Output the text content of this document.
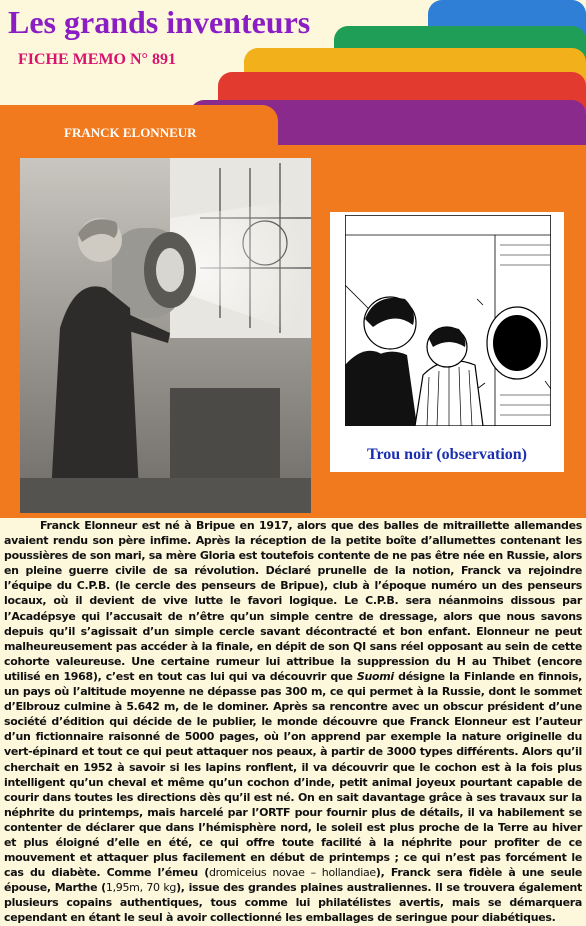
Les grands inventeurs
FICHE MEMO N° 891
FRANCK ELONNEUR
Trou noir (observation)

Franck Elonneur est né à Bripue en 1917, alors que des balles de mitraillette allemandes avaient rendu son père infime. Après la réception de la petite boîte d’allumettes contenant les poussières de son mari, sa mère Gloria est toutefois contente de ne pas être née en Russie, alors en pleine guerre civile de sa révolution. Déclaré prunelle de la notion, Franck va rejoindre l’équipe du C.P.B. (le cercle des penseurs de Bripue), club à l’époque numéro un des penseurs locaux, où il devient de vive lutte le favori logique. Le C.P.B. sera néanmoins dissous par l’Acadépsye qui l’accusait de n’être qu’un simple centre de dressage, alors que nous savons depuis qu’il s’agissait d’un simple cercle savant décontracté et bon enfant. Elonneur ne peut malheureusement pas accéder à la finale, en dépit de son QI sans réel opposant au sein de cette cohorte valeureuse. Une certaine rumeur lui attribue la suppression du H au Thibet (encore utilisé en 1968), c’est en tout cas lui qui va découvrir que Suomi désigne la Finlande en finnois, un pays où l’altitude moyenne ne dépasse pas 300 m, ce qui permet à la Russie, dont le sommet d’Elbrouz culmine à 5.642 m, de le dominer. Après sa rencontre avec un obscur président d’une société d’édition qui décide de le publier, le monde découvre que Franck Elonneur est l’auteur d’un fictionnaire raisonné de 5000 pages, où l’on apprend par exemple la nature originelle du vert-épinard et tout ce qui peut attaquer nos peaux, à partir de 3000 types différents. Alors qu’il cherchait en 1952 à savoir si les lapins ronflent, il va découvrir que le cochon est à la fois plus intelligent qu’un cheval et même qu’un cochon d’inde, petit animal joyeux pourtant capable de courir dans toutes les directions dès qu’il est né. On en sait davantage grâce à ses travaux sur la néphrite du printemps, mais harcelé par l’ORTF pour fournir plus de détails, il va habilement se contenter de déclarer que dans l’hémisphère nord, le soleil est plus proche de la Terre au hiver et plus éloigné d’elle en été, ce qui offre toute facilité à la néphrite pour profiter de ce mouvement et attaquer plus facilement en début de printemps ; ce qui n’est pas forcément le cas du diabète. Comme l’émeu (dromiceius novae – hollandiae), Franck sera fidèle à une seule épouse, Marthe (1,95m, 70 kg), issue des grandes plaines australiennes. Il se trouvera également plusieurs copains authentiques, tous comme lui philatélistes avertis, mais se démarquera cependant en étant le seul à avoir collectionné les emballages de seringue pour diabétiques.
